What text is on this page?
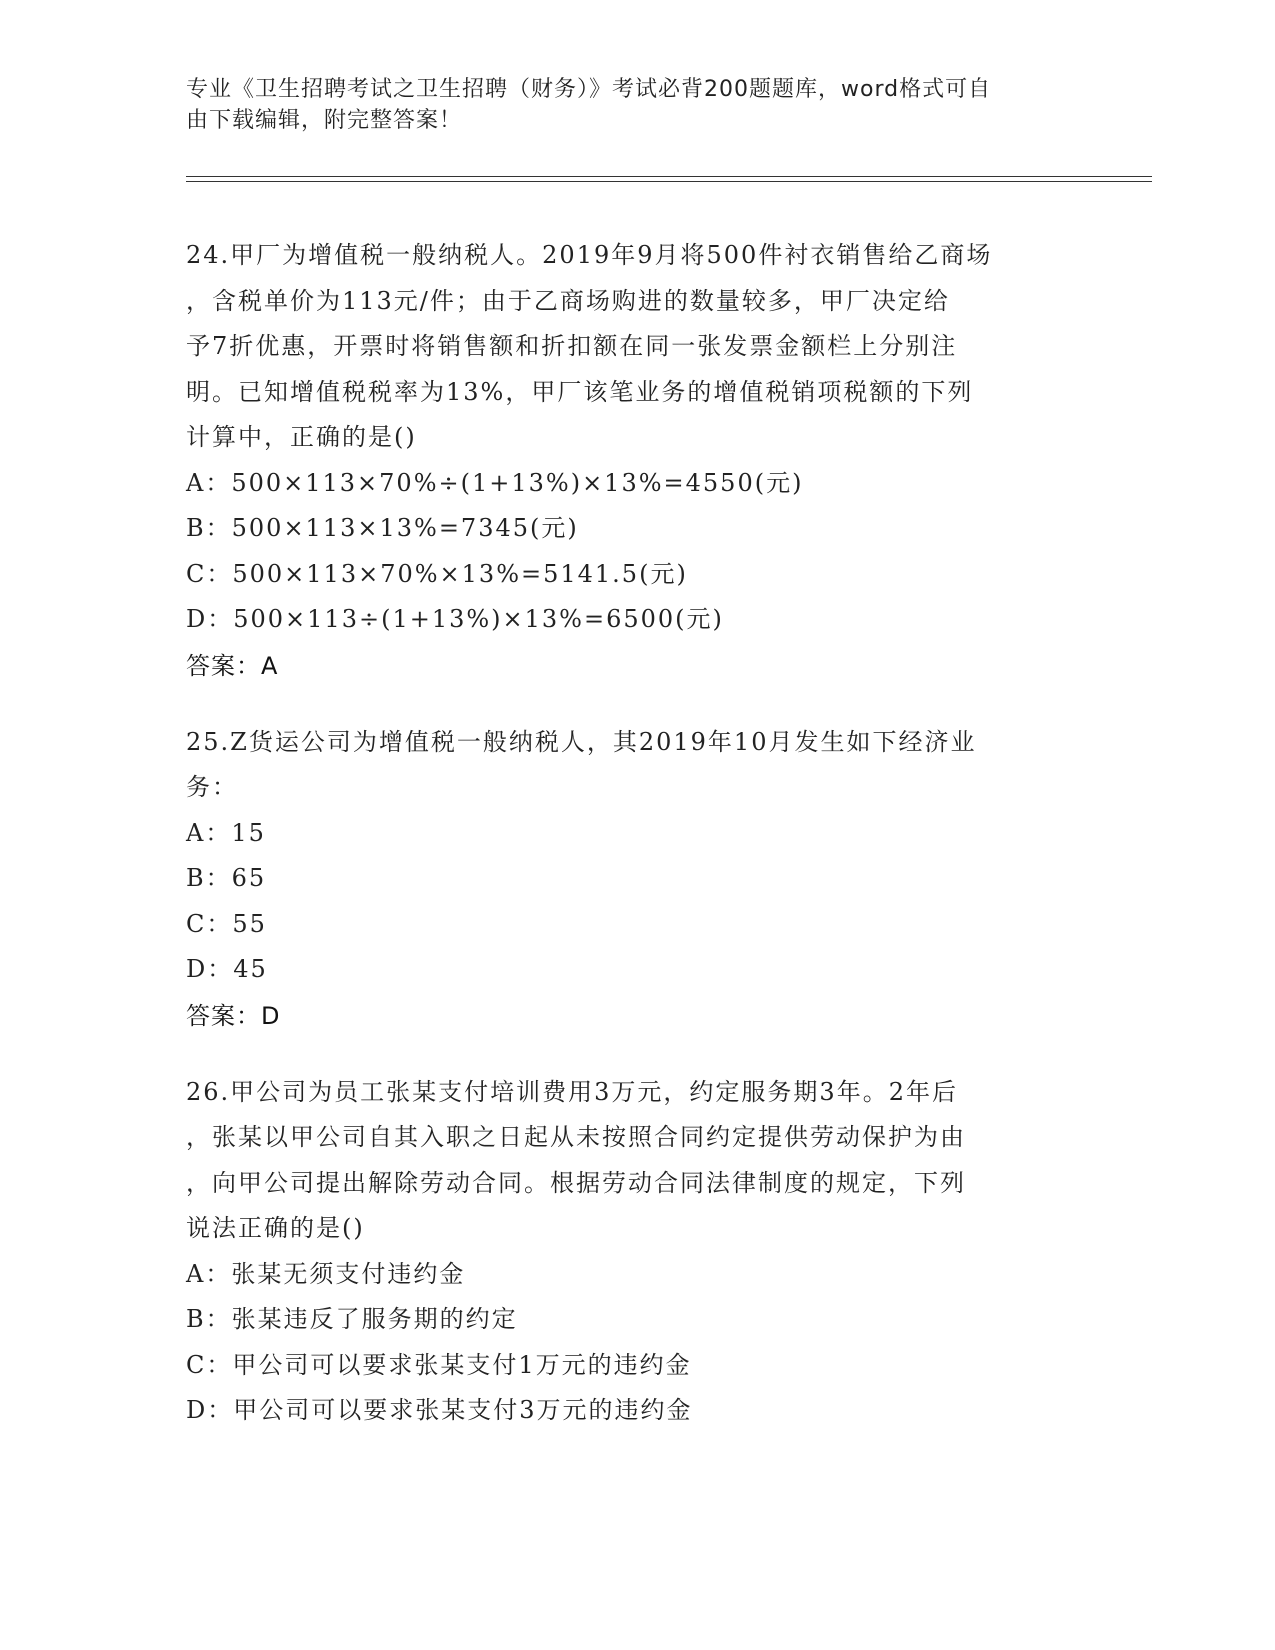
专业《卫生招聘考试之卫生招聘（财务）》考试必背200题题库，word格式可自
由下载编辑，附完整答案！
24.甲厂为增值税一般纳税人。2019年9月将500件衬衣销售给乙商场
，含税单价为113元/件；由于乙商场购进的数量较多，甲厂决定给
予7折优惠，开票时将销售额和折扣额在同一张发票金额栏上分别注
明。已知增值税税率为13%，甲厂该笔业务的增值税销项税额的下列
计算中，正确的是()
A：500×113×70%÷(1+13%)×13%=4550(元)
B：500×113×13%=7345(元)
C：500×113×70%×13%=5141.5(元)
D：500×113÷(1+13%)×13%=6500(元)
答案：A
25.Z货运公司为增值税一般纳税人，其2019年10月发生如下经济业
务：
A：15
B：65
C：55
D：45
答案：D
26.甲公司为员工张某支付培训费用3万元，约定服务期3年。2年后
，张某以甲公司自其入职之日起从未按照合同约定提供劳动保护为由
，向甲公司提出解除劳动合同。根据劳动合同法律制度的规定，下列
说法正确的是()
A：张某无须支付违约金
B：张某违反了服务期的约定
C：甲公司可以要求张某支付1万元的违约金
D：甲公司可以要求张某支付3万元的违约金
